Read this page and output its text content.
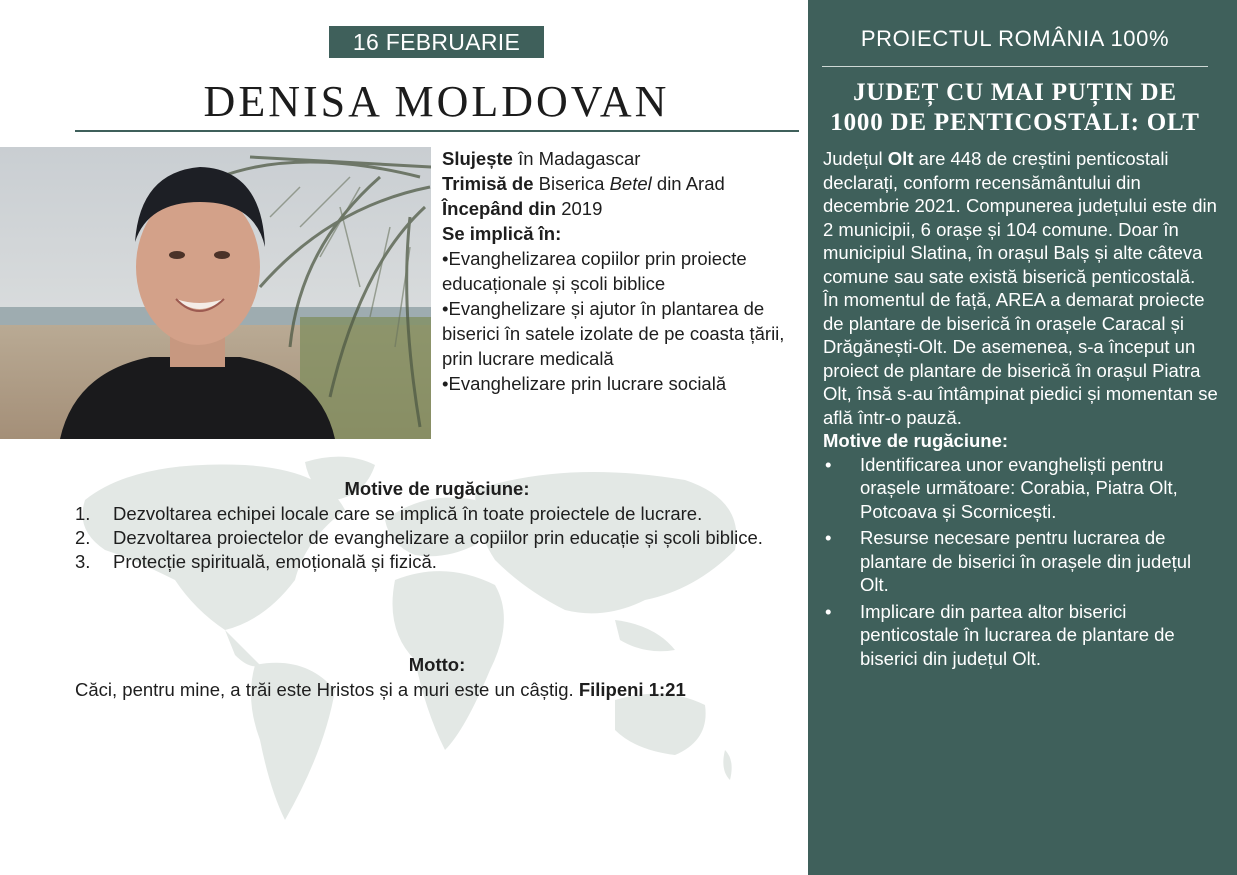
16 FEBRUARIE
DENISA MOLDOVAN
Slujește în Madagascar
Trimisă de Biserica Betel din Arad
Începând din 2019
Se implică în:
•Evanghelizarea copiilor prin proiecte educaționale și școli biblice
•Evanghelizare și ajutor în plantarea de biserici în satele izolate de pe coasta țării, prin lucrare medicală
•Evanghelizare prin lucrare socială
Motive de rugăciune:
1. Dezvoltarea echipei locale care se implică în toate proiectele de lucrare.
2. Dezvoltarea proiectelor de evanghelizare a copiilor prin educație și școli biblice.
3. Protecție spirituală, emoțională și fizică.
Motto:
Căci, pentru mine, a trăi este Hristos și a muri este un câștig. Filipeni 1:21
PROIECTUL ROMÂNIA 100%
JUDEȚ CU MAI PUȚIN DE
1000 DE PENTICOSTALI: OLT

Județul Olt are 448 de creștini penticostali declarați, conform recensământului din decembrie 2021. Compunerea județului este din 2 municipii, 6 orașe și 104 comune. Doar în municipiul Slatina, în orașul Balș și alte câteva comune sau sate există biserică penticostală.

În momentul de față, AREA a demarat proiecte de plantare de biserică în orașele Caracal și Drăgănești-Olt. De asemenea, s-a început un proiect de plantare de biserică în orașul Piatra Olt, însă s-au întâmpinat piedici și momentan se află într-o pauză.

Motive de rugăciune:
• Identificarea unor evangheliști pentru orașele următoare: Corabia, Piatra Olt, Potcoava și Scornicești.
• Resurse necesare pentru lucrarea de plantare de biserici în orașele din județul Olt.
• Implicare din partea altor biserici penticostale în lucrarea de plantare de biserici din județul Olt.
